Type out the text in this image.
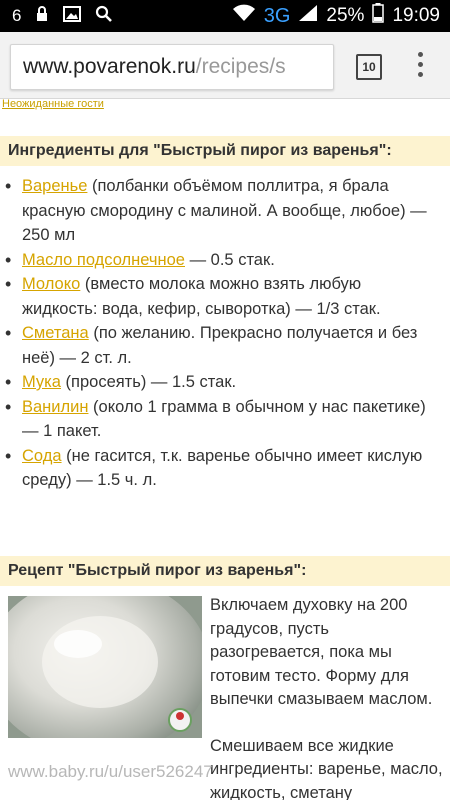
6	3G 25% 19:09
www.povarenok.ru/recipes/s	10
Неожиданные гости
Ингредиенты для "Быстрый пирог из варенья":
• Варенье (полбанки объёмом поллитра, я брала красную смородину с малиной. А вообще, любое) — 250 мл
• Масло подсолнечное — 0.5 стак.
• Молоко (вместо молока можно взять любую жидкость: вода, кефир, сыворотка) — 1/3 стак.
• Сметана (по желанию. Прекрасно получается и без неё) — 2 ст. л.
• Мука (просеять) — 1.5 стак.
• Ванилин (около 1 грамма в обычном у нас пакетике) — 1 пакет.
• Сода (не гасится, т.к. варенье обычно имеет кислую среду) — 1.5 ч. л.
Рецепт "Быстрый пирог из варенья":

Включаем духовку на 200 градусов, пусть разогревается, пока мы готовим тесто. Форму для выпечки смазываем маслом.

Смешиваем все жидкие ингредиенты: варенье, масло, жидкость, сметану

www.baby.ru/u/user526247
